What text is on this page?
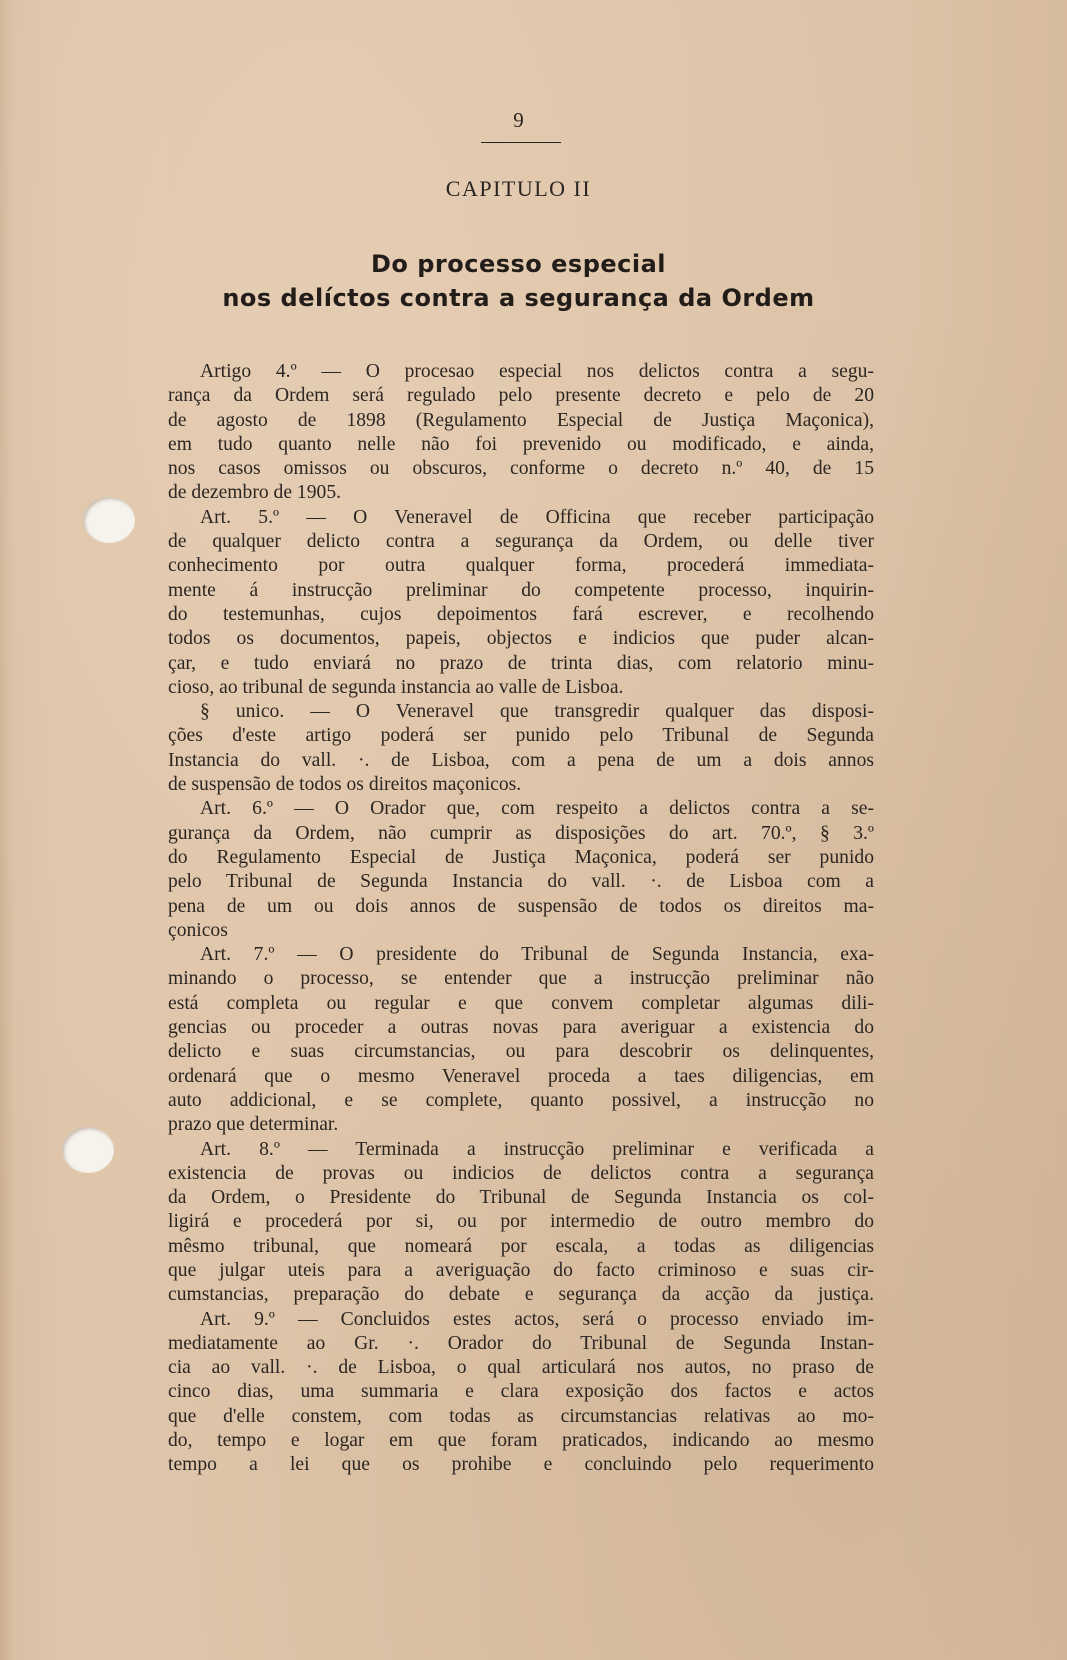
9
CAPITULO II
Do processo especial
nos delíctos contra a segurança da Ordem
Artigo 4.º — O procesao especial nos delictos contra a segu-
rança da Ordem será regulado pelo presente decreto e pelo de 20
de agosto de 1898 (Regulamento Especial de Justiça Maçonica),
em tudo quanto nelle não foi prevenido ou modificado, e ainda,
nos casos omissos ou obscuros, conforme o decreto n.º 40, de 15
de dezembro de 1905.
Art. 5.º — O Veneravel de Officina que receber participação
de qualquer delicto contra a segurança da Ordem, ou delle tiver
conhecimento por outra qualquer forma, procederá immediata-
mente á instrucção preliminar do competente processo, inquirin-
do testemunhas, cujos depoimentos fará escrever, e recolhendo
todos os documentos, papeis, objectos e indicios que puder alcan-
çar, e tudo enviará no prazo de trinta dias, com relatorio minu-
cioso, ao tribunal de segunda instancia ao valle de Lisboa.
§ unico. — O Veneravel que transgredir qualquer das disposi-
ções d'este artigo poderá ser punido pelo Tribunal de Segunda
Instancia do vall. ·. de Lisboa, com a pena de um a dois annos
de suspensão de todos os direitos maçonicos.
Art. 6.º — O Orador que, com respeito a delictos contra a se-
gurança da Ordem, não cumprir as disposições do art. 70.º, § 3.º
do Regulamento Especial de Justiça Maçonica, poderá ser punido
pelo Tribunal de Segunda Instancia do vall. ·. de Lisboa com a
pena de um ou dois annos de suspensão de todos os direitos ma-
çonicos
Art. 7.º — O presidente do Tribunal de Segunda Instancia, exa-
minando o processo, se entender que a instrucção preliminar não
está completa ou regular e que convem completar algumas dili-
gencias ou proceder a outras novas para averiguar a existencia do
delicto e suas circumstancias, ou para descobrir os delinquentes,
ordenará que o mesmo Veneravel proceda a taes diligencias, em
auto addicional, e se complete, quanto possivel, a instrucção no
prazo que determinar.
Art. 8.º — Terminada a instrucção preliminar e verificada a
existencia de provas ou indicios de delictos contra a segurança
da Ordem, o Presidente do Tribunal de Segunda Instancia os col-
ligirá e procederá por si, ou por intermedio de outro membro do
mêsmo tribunal, que nomeará por escala, a todas as diligencias
que julgar uteis para a averiguação do facto criminoso e suas cir-
cumstancias, preparação do debate e segurança da acção da justiça.
Art. 9.º — Concluidos estes actos, será o processo enviado im-
mediatamente ao Gr. ·. Orador do Tribunal de Segunda Instan-
cia ao vall. ·. de Lisboa, o qual articulará nos autos, no praso de
cinco dias, uma summaria e clara exposição dos factos e actos
que d'elle constem, com todas as circumstancias relativas ao mo-
do, tempo e logar em que foram praticados, indicando ao mesmo
tempo a lei que os prohibe e concluindo pelo requerimento
